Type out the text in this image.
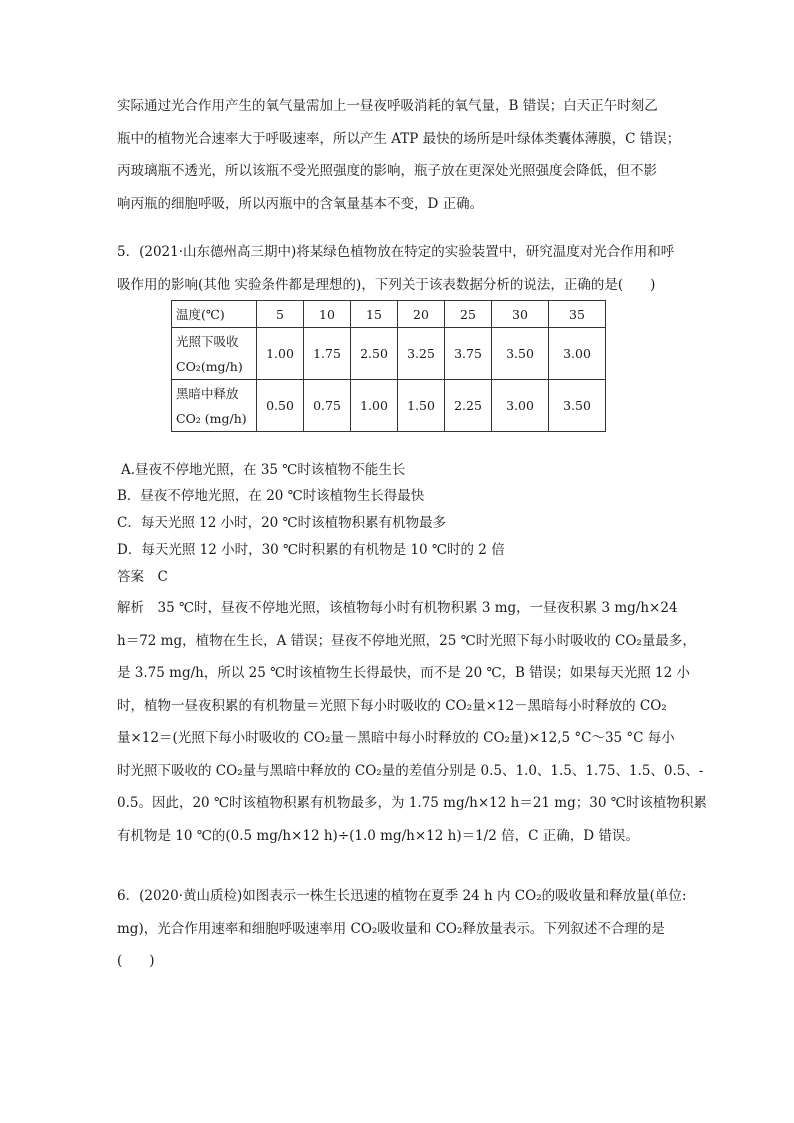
实际通过光合作用产生的氧气量需加上一昼夜呼吸消耗的氧气量，B 错误；白天正午时刻乙
瓶中的植物光合速率大于呼吸速率，所以产生 ATP 最快的场所是叶绿体类囊体薄膜，C 错误；
丙玻璃瓶不透光，所以该瓶不受光照强度的影响，瓶子放在更深处光照强度会降低，但不影
响丙瓶的细胞呼吸，所以丙瓶中的含氧量基本不变，D 正确。
5．(2021·山东德州高三期中)将某绿色植物放在特定的实验装置中，研究温度对光合作用和呼
吸作用的影响(其他 实验条件都是理想的)，下列关于该表数据分析的说法，正确的是(　　)
温度(℃)	5	10	15	20	25	30	35

光照下吸收
CO₂(mg/h)	1.00	1.75	2.50	3.25	3.75	3.50	3.00

黑暗中释放
CO₂ (mg/h)	0.50	0.75	1.00	1.50	2.25	3.00	3.50
A.昼夜不停地光照，在 35 ℃时该植物不能生长
B．昼夜不停地光照，在 20 ℃时该植物生长得最快
C．每天光照 12 小时，20 ℃时该植物积累有机物最多
D．每天光照 12 小时，30 ℃时积累的有机物是 10 ℃时的 2 倍
答案　C
解析　35 ℃时，昼夜不停地光照，该植物每小时有机物积累 3 mg，一昼夜积累 3 mg/h×24
h＝72 mg，植物在生长，A 错误；昼夜不停地光照，25 ℃时光照下每小时吸收的 CO₂量最多，
是 3.75 mg/h，所以 25 ℃时该植物生长得最快，而不是 20 ℃，B 错误；如果每天光照 12 小
时，植物一昼夜积累的有机物量＝光照下每小时吸收的 CO₂量×12－黑暗每小时释放的 CO₂
量×12＝(光照下每小时吸收的 CO₂量－黑暗中每小时释放的 CO₂量)×12,5 °C～35 °C 每小
时光照下吸收的 CO₂量与黑暗中释放的 CO₂量的差值分别是 0.5、1.0、1.5、1.75、1.5、0.5、-
0.5。因此，20 ℃时该植物积累有机物最多，为 1.75 mg/h×12 h＝21 mg；30 ℃时该植物积累
有机物是 10 ℃的(0.5 mg/h×12 h)÷(1.0 mg/h×12 h)＝1/2 倍，C 正确，D 错误。
6．(2020·黄山质检)如图表示一株生长迅速的植物在夏季 24 h 内 CO₂的吸收量和释放量(单位:
mg)，光合作用速率和细胞呼吸速率用 CO₂吸收量和 CO₂释放量表示。下列叙述不合理的是
(　　)
